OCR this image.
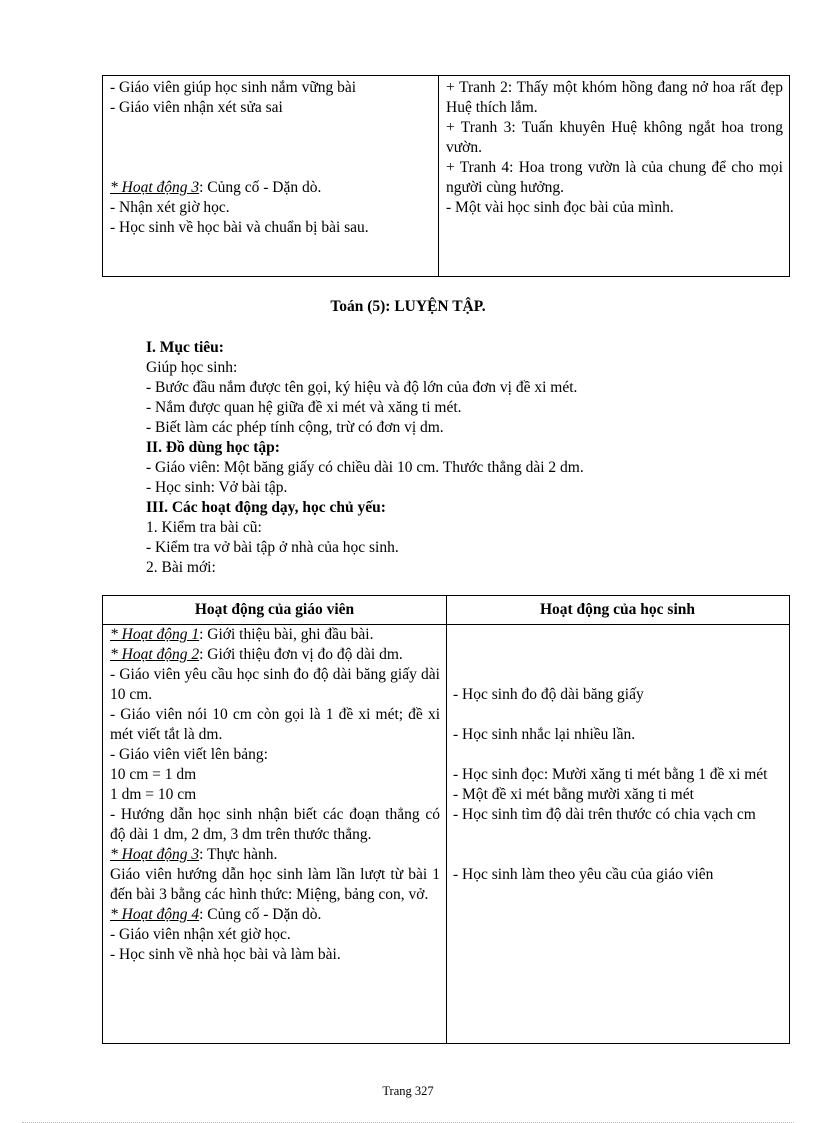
- Giáo viên giúp học sinh nắm vững bài
- Giáo viên nhận xét sửa sai
* Hoạt động 3: Củng cố - Dặn dò.
- Nhận xét giờ học.
- Học sinh về học bài và chuẩn bị bài sau.
+ Tranh 2: Thấy một khóm hồng đang nở hoa rất đẹp Huệ thích lắm.
+ Tranh 3: Tuấn khuyên Huệ không ngắt hoa trong vườn.
+ Tranh 4: Hoa trong vườn là của chung để cho mọi người cùng hưởng.
- Một vài học sinh đọc bài của mình.
Toán (5): LUYỆN TẬP.
I. Mục tiêu:
Giúp học sinh:
- Bước đầu nắm được tên gọi, ký hiệu và độ lớn của đơn vị đề xi mét.
- Nắm được quan hệ giữa đề xi mét và xăng ti mét.
- Biết làm các phép tính cộng, trừ có đơn vị dm.
II. Đồ dùng học tập:
- Giáo viên: Một băng giấy có chiều dài 10 cm. Thước thẳng dài 2 dm.
- Học sinh: Vở bài tập.
III. Các hoạt động dạy, học chủ yếu:
1. Kiểm tra bài cũ:
- Kiểm tra vở bài tập ở nhà của học sinh.
2. Bài mới:
Hoạt động của giáo viên	Hoạt động của học sinh
* Hoạt động 1: Giới thiệu bài, ghi đầu bài.
* Hoạt động 2: Giới thiệu đơn vị đo độ dài dm.
- Giáo viên yêu cầu học sinh đo độ dài băng giấy dài 10 cm.
- Giáo viên nói 10 cm còn gọi là 1 đề xi mét; đề xi mét viết tắt là dm.
- Giáo viên viết lên bảng:
10 cm = 1 dm
1 dm = 10 cm
- Hướng dẫn học sinh nhận biết các đoạn thẳng có độ dài 1 dm, 2 dm, 3 dm trên thước thẳng.
* Hoạt động 3: Thực hành.
Giáo viên hướng dẫn học sinh làm lần lượt từ bài 1 đến bài 3 bằng các hình thức: Miệng, bảng con, vở.
* Hoạt động 4: Củng cố - Dặn dò.
- Giáo viên nhận xét giờ học.
- Học sinh về nhà học bài và làm bài.
- Học sinh đo độ dài băng giấy
- Học sinh nhắc lại nhiều lần.
- Học sinh đọc: Mười xăng ti mét bằng 1 đề xi mét
- Một đề xi mét bằng mười xăng ti mét
- Học sinh tìm độ dài trên thước có chia vạch cm
- Học sinh làm theo yêu cầu của giáo viên
Trang 327
